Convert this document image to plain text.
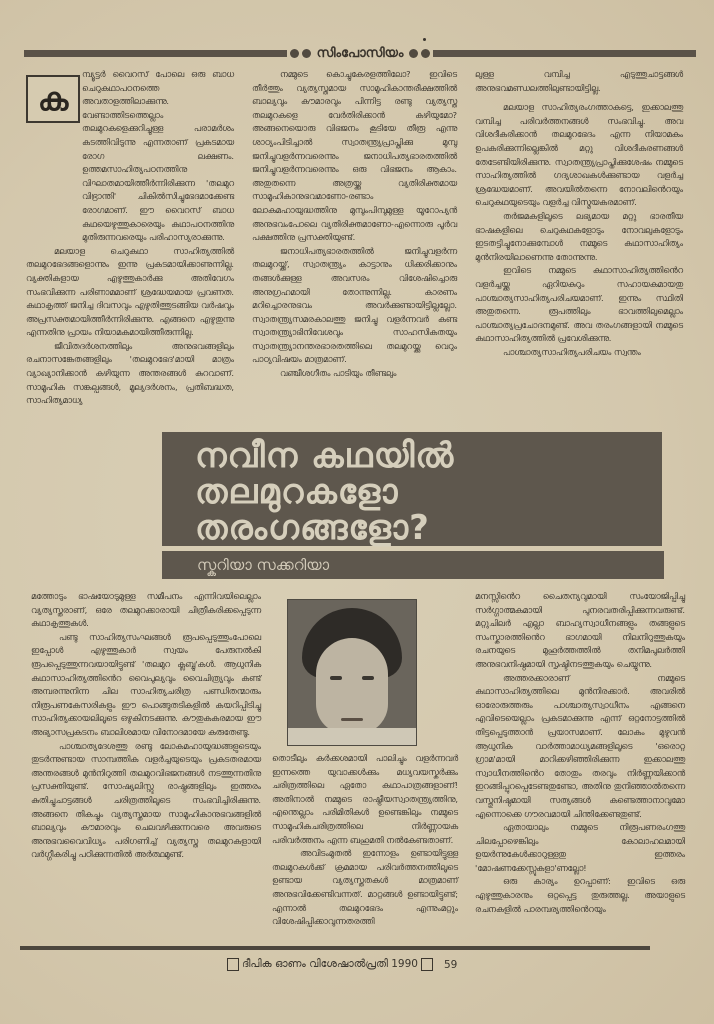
സിംപോസിയം
ക

മ്പ്യൂട്ടർ വൈറസ് പോലെ ഒരു ബാധ ചെറുകഥാപഠനത്തെ അവതാളത്തിലാക്കുന്നു. വേണ്ടാത്തിടത്തെല്ലാം തലമുറകളെക്കുറിച്ചുള്ള പരാമർശം കടത്തിവിടുന്നു എന്നതാണ് പ്രകടമായ രോഗ ലക്ഷണം. ഉത്തമസാഹിത്യപഠനത്തിനു വിഘാതമായിത്തീർന്നിരിക്കുന്ന 'തലമുറ വിഭ്രാന്തി' ചികിൽസിച്ചുഭേദമാക്കേണ്ട രോഗമാണ്. ഈ വൈറസ് ബാധ കഥയെഴുത്തുകാരെയും കഥാപഠനത്തിനു മുതിരുന്നവരെയും പരിഹാസ്യരാക്കുന്നു.

മലയാള ചെറുകഥാ സാഹിത്യത്തിൽ തലമുറഭേദങ്ങളൊന്നും ഇന്നു പ്രകടമായിക്കാണുന്നില്ല. വ്യക്തികളായ എഴുത്തുകാർക്കു അതിവേഗം സംഭവിക്കുന്ന പരിണാമമാണ് ശ്രദ്ധേയമായ പ്രവണത. കഥാകൃത്ത് ജനിച്ച ദിവസവും എഴുതിത്തുടങ്ങിയ വർഷവും അപ്രസക്തമായിത്തീർന്നിരിക്കുന്നു. എങ്ങനെ എഴുതുന്നു എന്നതിനു പ്രായം നിയാമകമായിത്തീരുന്നില്ല.

ജീവിതദർശനത്തിലും അനുഭവങ്ങളിലും രചനാസങ്കേതങ്ങളിലും 'തലമുറഭേദ'മായി മാത്രം വ്യാഖ്യാനിക്കാൻ കഴിയുന്ന അന്തരങ്ങൾ കുറവാണ്. സാമൂഹിക സങ്കല്പങ്ങൾ, മൂല്യദർശനം, പ്രതിബദ്ധത, സാഹിത്യമാധ്യ

നമ്മുടെ കൊച്ചുകേരളത്തിലോ? ഇവിടെ തീർത്തും വ്യത്യസ്തമായ സാമൂഹികാന്തരീക്ഷത്തിൽ ബാല്യവും കൗമാരവും പിന്നിട്ട രണ്ടു വ്യത്യസ്ത തലമുറകളെ വേർതിരിക്കാൻ കഴിയുമോ? അങ്ങനെയൊരു വിഭജനം കൂടിയേ തീരൂ എന്നു ശാഠ്യംപിടിച്ചാൽ സ്വാതന്ത്ര്യപ്രാപ്തിക്കു മുമ്പു ജനിച്ചുവളർന്നവരെന്നും ജനാധിപത്യഭാരതത്തിൽ ജനിച്ചുവളർന്നവരെന്നും ഒരു വിഭജനം ആകാം. അതുതന്നെ അത്രയ്ക്കു വ്യതിരിക്തമായ സാമൂഹികാനുഭവമാണോ-രണ്ടാം ലോകമഹായുദ്ധത്തിനു മുമ്പുംപിമ്പുമുള്ള യൂറോപ്യൻ അനുഭവംപോലെ വ്യതിരിക്തമാണോ-എന്നൊരു പൂർവ പക്ഷത്തിനു പ്രസക്തിയുണ്ട്.

ജനാധിപത്യഭാരതത്തിൽ ജനിച്ചുവളർന്ന തലമുറയ്ക്ക്, സ്വാതന്ത്ര്യം കാട്ടാനും ധിക്കരിക്കാനും തങ്ങൾക്കുള്ള അവസരം വിശേഷിച്ചൊരു അനുഗ്രഹമായി തോന്നുന്നില്ല. കാരണം മറിച്ചൊരനുഭവം അവർക്കുണ്ടായിട്ടില്ലല്ലോ. സ്വാതന്ത്ര്യസമരകാലത്തു ജനിച്ചു വളർന്നവർ കണ്ട സ്വാതന്ത്ര്യാഭിനിവേശവും സാഹസികതയും സ്വാതന്ത്ര്യാനന്തരഭാരതത്തിലെ തലമുറയ്ക്കു വെറും പാഠ്യവിഷയം മാത്രമാണ്.

വഞ്ചീശഗീതം പാടിയും തീണ്ടലും

ലുള്ള വമ്പിച്ച എടുത്തുചാട്ടങ്ങൾ അനുഭവമണ്ഡലത്തിലുണ്ടായിട്ടില്ല.

മലയാള സാഹിത്യരംഗത്താകട്ടെ, ഇക്കാലത്തു വമ്പിച്ച പരിവർത്തനങ്ങൾ സംഭവിച്ചു. അവ വിശദീകരിക്കാൻ തലമുറഭേദം എന്ന നിയാമകം ഉപകരിക്കുന്നില്ലെങ്കിൽ മറ്റു വിശദീകരണങ്ങൾ തേടേണ്ടിയിരിക്കുന്നു. സ്വാതന്ത്ര്യപ്രാപ്തിക്കുശേഷം നമ്മുടെ സാഹിത്യത്തിൽ ഗദ്യശാഖകൾക്കുണ്ടായ വളർച്ച ശ്രദ്ധേയമാണ്. അവയിൽതന്നെ നോവലിൻെറയും ചെറുകഥയുടെയും വളർച്ച വിസ്മയകരമാണ്.

തർജമകളിലൂടെ ലഭ്യമായ മറ്റു ഭാരതീയ ഭാഷകളിലെ ചെറുകഥകളോടും നോവലുകളോടും ഇടതട്ടിച്ചുനോക്കുമ്പോൾ നമ്മുടെ കഥാസാഹിത്യം മുൻനിരയിലാണെന്നു തോന്നുന്നു.

ഇവിടെ നമ്മുടെ കഥാസാഹിത്യത്തിൻെറ വളർച്ചയ്ക്കു ഏറിയകുറും സഹായകമായതു പാശ്ചാത്യസാഹിത്യപരിചയമാണ്. ഇന്നും സ്ഥിതി അതുതന്നെ. രൂപത്തിലും ഭാവത്തിലുമെല്ലാം പാശ്ചാത്യപ്രചോദനമുണ്ട്. അവ തരംഗങ്ങളായി നമ്മുടെ കഥാസാഹിത്യത്തിൽ പ്രവേശിക്കുന്നു.

പാശ്ചാത്യസാഹിത്യപരിചയം സ്വന്തം

നവീന കഥയിൽ
തലമുറകളോ
തരംഗങ്ങളോ?
സ്കറിയാ സക്കറിയാ

മത്തോടും ഭാഷയോടുമുള്ള സമീപനം എന്നിവയിലെല്ലാം വ്യത്യസ്തരാണ്, ഒരേ തലമുറക്കാരായി ചിത്രീകരിക്കപ്പെടുന്ന കഥാകൃത്തുകൾ.

പണ്ടു സാഹിത്യസംഘങ്ങൾ രൂപപ്പെടുത്തുംപോലെ ഇപ്പോൾ എഴുത്തുകാർ സ്വയം പേരുനൽകി രൂപപ്പെടുത്തുന്നവയായിട്ടുണ്ട് 'തലമുറ ക്ലബ്ബു'കൾ. ആധുനിക കഥാസാഹിത്യത്തിൻെറ വൈപുല്യവും വൈചിത്ര്യവും കണ്ട് അമ്പരന്നുനിന്ന ചില സാഹിത്യചരിത്ര പണ്ഡിതന്മാരും നിരൂപണകേസരികളും ഈ പൊങ്ങുതടികളിൽ കയറിപ്പിടിച്ചു സാഹിത്യക്കായലിലൂടെ ഒഴുകിനടക്കുന്നു. കൗതുകകരമായ ഈ അഭ്യാസപ്രകടനം ബാലിശമായ വിനോദമായേ കരുതേണ്ടൂ.

പാശ്ചാത്യദേശത്തു രണ്ടു ലോകമഹായുദ്ധങ്ങളുടെയും തുടർന്നുണ്ടായ സാമ്പത്തിക വളർച്ചയുടെയും പ്രകടതരമായ അന്തരങ്ങൾ മുൻനിറുത്തി തലമുറവിഭജനങ്ങൾ നടത്തുന്നതിനു പ്രസക്തിയുണ്ട്. സോഷ്യലിസ്റ്റു രാഷ്ട്രങ്ങളിലും ഇത്തരം കുതിച്ചുചാട്ടങ്ങൾ ചരിത്രത്തിലൂടെ സംഭവിച്ചിരിക്കുന്നു. അങ്ങനെ തികച്ചും വ്യത്യസ്തമായ സാമൂഹികാനുഭവങ്ങളിൽ ബാല്യവും കൗമാരവും ചെലവഴിക്കുന്നവരെ അവരുടെ അനുഭവവൈവിധ്യം പരിഗണിച്ച് വ്യത്യസ്ത തലമുറകളായി വർഗ്ഗീകരിച്ചു പഠിക്കുന്നതിൽ അർത്ഥമുണ്ട്.

തൊടീലും കർക്കശമായി പാലിച്ചും വളർന്നവർ ഇന്നത്തെ യുവാക്കൾക്കും മധ്യവയസ്കർക്കും ചരിത്രത്തിലെ ഏതോ കഥാപാത്രങ്ങളാണ്! അതിനാൽ നമ്മുടെ രാഷ്ട്രീയസ്വാതന്ത്ര്യത്തിനു, എന്തെല്ലാം പരിമിതികൾ ഉണ്ടെങ്കിലും നമ്മുടെ സാമൂഹികചരിത്രത്തിലെ നിർണ്ണായക പരിവർത്തനം എന്ന ബഹുമതി നൽകേണ്ടതാണ്.

അവിടംമുതൽ ഇന്നോളം ഉണ്ടായിട്ടുള്ള തലമുറകൾക്ക് ക്രമമായ പരിവർത്തനത്തിലൂടെ ഉണ്ടായ വ്യത്യസ്തതകൾ മാത്രമാണ് അനുഭവിക്കേണ്ടിവന്നത്. മാറ്റങ്ങൾ ഉണ്ടായിട്ടുണ്ട്; എന്നാൽ തലമുറഭേദം എന്നുംമറ്റും വിശേഷിപ്പിക്കാവുന്നതരത്തി

മനസ്സിൻെറ ചൈതന്യവുമായി സംയോജിപ്പിച്ചു സർഗ്ഗാത്മകമായി പുനരവതരിപ്പിക്കുന്നവരുണ്ട്. മറ്റുചിലർ എല്ലാ ബാഹ്യസ്വാധീനങ്ങളും തങ്ങളുടെ സംസ്കാരത്തിൻെറ ഭാഗമായി നിലനിറുത്തുകയും രചനയുടെ മുഹൂർത്തത്തിൽ തനിമപുലർത്തി അനുഭവനിഷ്ഠമായി സൃഷ്ടിനടത്തുകയും ചെയ്യുന്നു.

അത്തരക്കാരാണ് നമ്മുടെ കഥാസാഹിത്യത്തിലെ മുൻനിരക്കാർ. അവരിൽ ഓരോരുത്തരും പാശ്ചാത്യസ്വാധീനം എങ്ങനെ എവിടെയെല്ലാം പ്രകടമാക്കുന്നു എന്ന് ഒറ്റനോട്ടത്തിൽ തിട്ടപ്പെടുത്താൻ പ്രയാസമാണ്. ലോകം മുഴുവൻ ആധുനിക വാർത്താമാധ്യമങ്ങളിലൂടെ 'ഒരൊറ്റ ഗ്രാമ'മായി മാറിക്കഴിഞ്ഞിരിക്കുന്ന ഇക്കാലത്തു സ്വാധീനത്തിൻെറ തോതും തരവും നിർണ്ണയിക്കാൻ ഇറങ്ങിപ്പുറപ്പെടേണ്ടതുണ്ടോ, അതിനു തുനിഞ്ഞാൽതന്നെ വസ്തുനിഷ്ഠമായി സത്യങ്ങൾ കണ്ടെത്താനാവുമോ എന്നൊക്കെ ഗൗരവമായി ചിന്തിക്കേണ്ടതുണ്ട്.

ഏതായാലും നമ്മുടെ നിരൂപണരംഗത്തു ചിലപ്പോഴെങ്കിലും കോലാഹലമായി ഉയർന്നുകേൾക്കാറുള്ളതു ഇത്തരം 'മോഷണക്കേസ്സുകളാ'ണല്ലോ!

ഒരു കാര്യം ഉറപ്പാണ്: ഇവിടെ ഒരു എഴുത്തുകാരനും ഒറ്റപ്പെട്ട തുരുത്തല്ല. അയാളുടെ രചനകളിൽ പാരമ്പര്യത്തിൻെറയും

ദീപിക ഓണം വിശേഷാൽപ്രതി 1990 59
